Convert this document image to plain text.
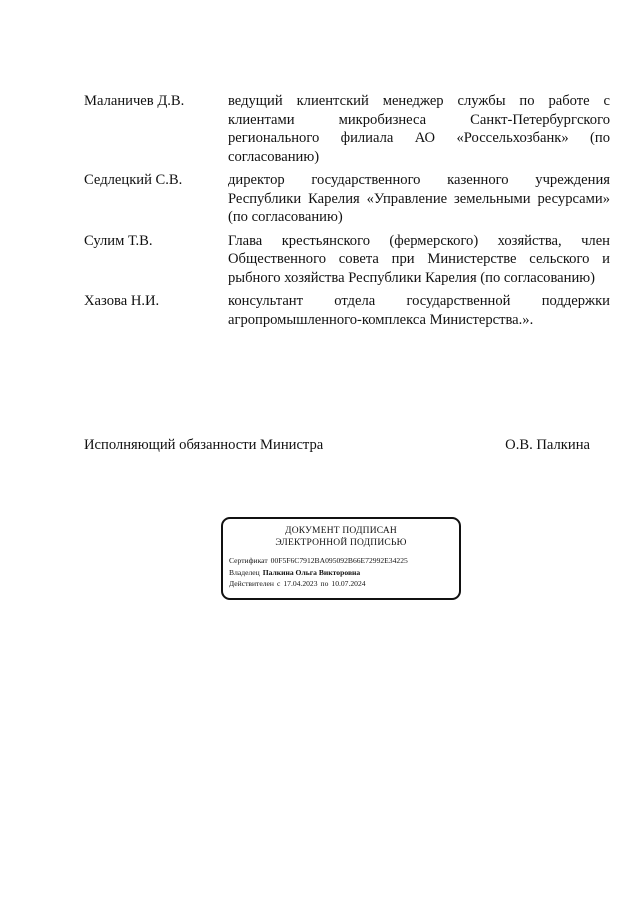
Маланичев Д.В.	ведущий клиентский менеджер службы по работе с клиентами микробизнеса Санкт-Петербургского регионального филиала АО «Россельхозбанк» (по согласованию)
Седлецкий С.В.	директор государственного казенного учреждения Республики Карелия «Управление земельными ресурсами» (по согласованию)
Сулим Т.В.	Глава крестьянского (фермерского) хозяйства, член Общественного совета при Министерстве сельского и рыбного хозяйства Республики Карелия (по согласованию)
Хазова Н.И.	консультант отдела государственной поддержки агропромышленного-комплекса Министерства.».
Исполняющий обязанности Министра	О.В. Палкина
ДОКУМЕНТ ПОДПИСАН
ЭЛЕКТРОННОЙ ПОДПИСЬЮ
Сертификат 00F5F6C7912BA095092B66E72992E34225
Владелец Палкина Ольга Викторовна
Действителен с 17.04.2023 по 10.07.2024
